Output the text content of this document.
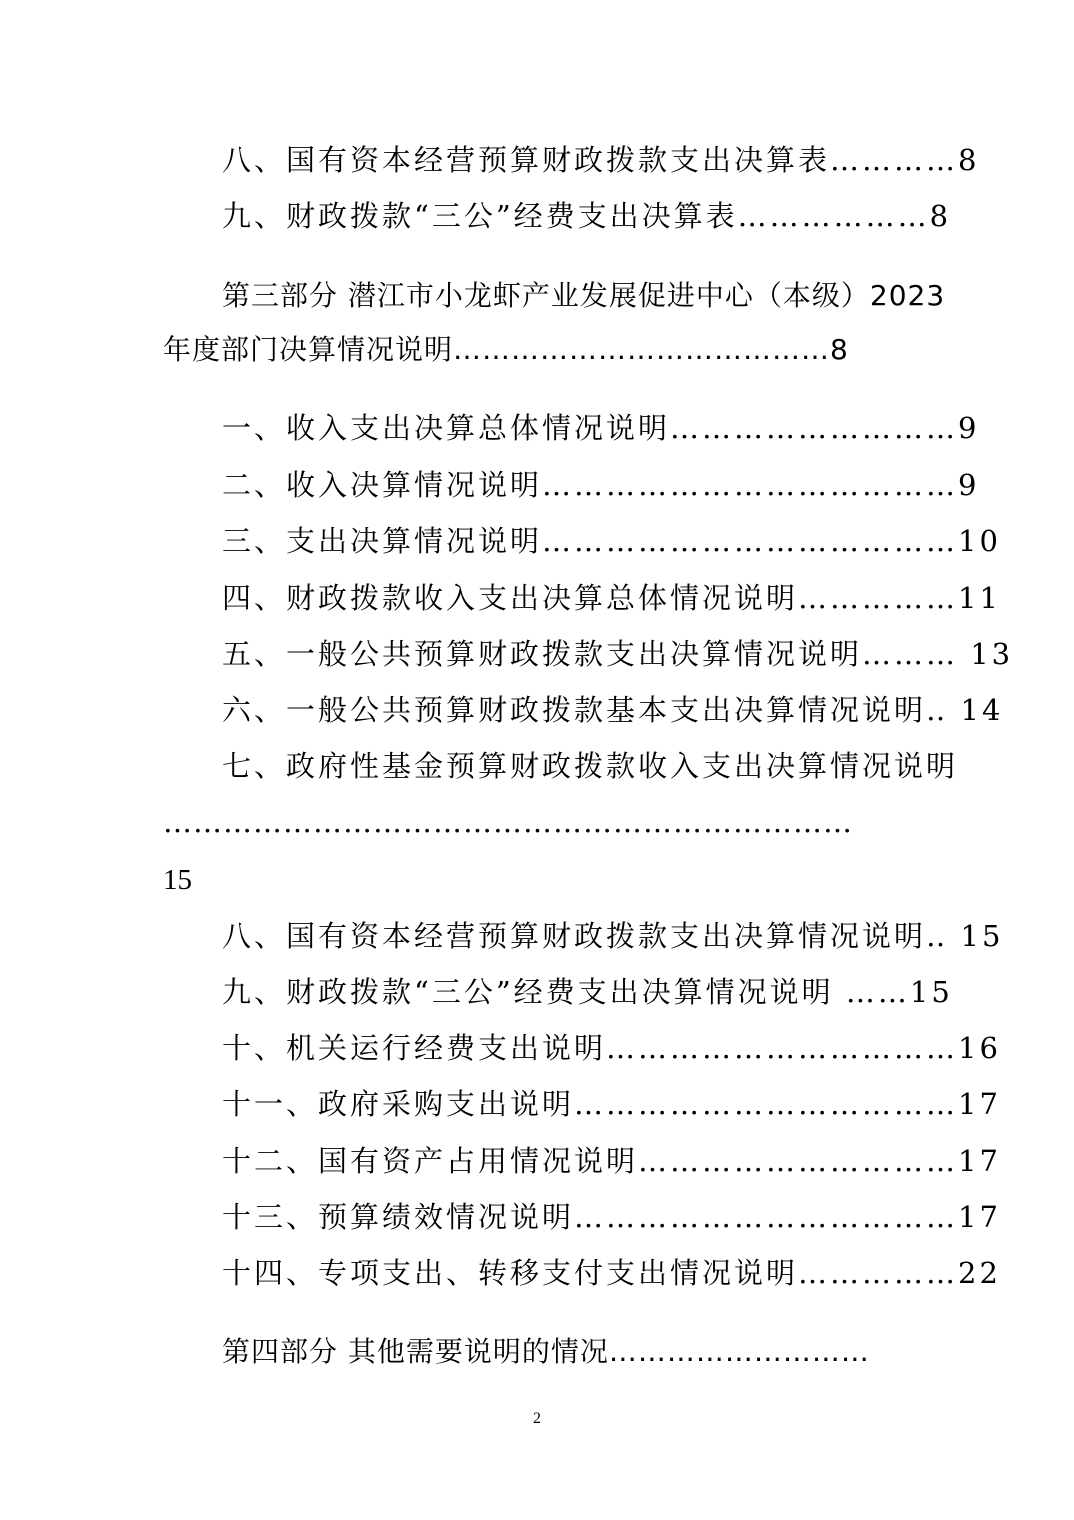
八、国有资本经营预算财政拨款支出决算表…………8
九、财政拨款“三公”经费支出决算表………………8
第三部分 潜江市小龙虾产业发展促进中心（本级）2023
年度部门决算情况说明…………………………………8
一、收入支出决算总体情况说明………………………9
二、收入决算情况说明…………………………………9
三、支出决算情况说明…………………………………10
四、财政拨款收入支出决算总体情况说明……………11
五、一般公共预算财政拨款支出决算情况说明……… 13
六、一般公共预算财政拨款基本支出决算情况说明‥ 14
七、政府性基金预算财政拨款收入支出决算情况说明
……………………………………………………………
15
八、国有资本经营预算财政拨款支出决算情况说明‥ 15
九、财政拨款“三公”经费支出决算情况说明 ……15
十、机关运行经费支出说明……………………………16
十一、政府采购支出说明………………………………17
十二、国有资产占用情况说明…………………………17
十三、预算绩效情况说明………………………………17
十四、专项支出、转移支付支出情况说明……………22
第四部分 其他需要说明的情况………………………
2
